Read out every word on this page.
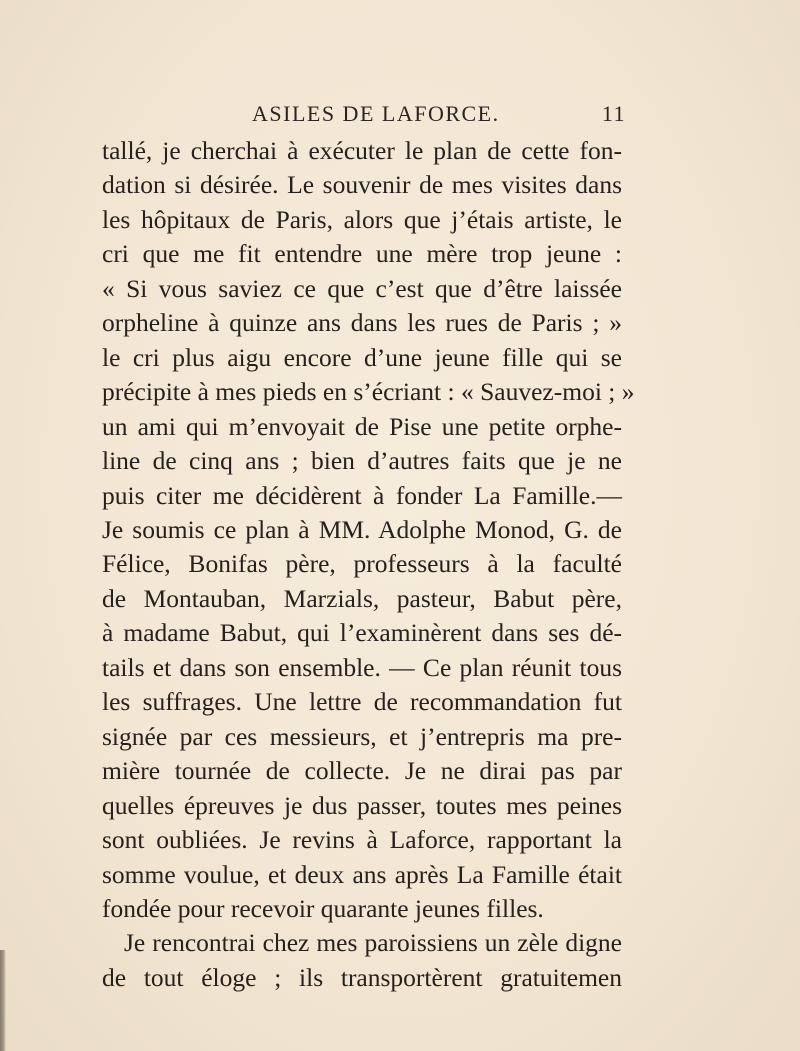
ASILES DE LAFORCE.	11
tallé, je cherchai à exécuter le plan de cette fon-
dation si désirée. Le souvenir de mes visites dans
les hôpitaux de Paris, alors que j’étais artiste, le
cri que me fit entendre une mère trop jeune :
« Si vous saviez ce que c’est que d’être laissée
orpheline à quinze ans dans les rues de Paris ; »
le cri plus aigu encore d’une jeune fille qui se
précipite à mes pieds en s’écriant : « Sauvez-moi ; »
un ami qui m’envoyait de Pise une petite orphe-
line de cinq ans ; bien d’autres faits que je ne
puis citer me décidèrent à fonder La Famille.—
Je soumis ce plan à MM. Adolphe Monod, G. de
Félice, Bonifas père, professeurs à la faculté
de Montauban, Marzials, pasteur, Babut père,
à madame Babut, qui l’examinèrent dans ses dé-
tails et dans son ensemble. — Ce plan réunit tous
les suffrages. Une lettre de recommandation fut
signée par ces messieurs, et j’entrepris ma pre-
mière tournée de collecte. Je ne dirai pas par
quelles épreuves je dus passer, toutes mes peines
sont oubliées. Je revins à Laforce, rapportant la
somme voulue, et deux ans après La Famille était
fondée pour recevoir quarante jeunes filles.
Je rencontrai chez mes paroissiens un zèle digne
de tout éloge ; ils transportèrent gratuitemen
